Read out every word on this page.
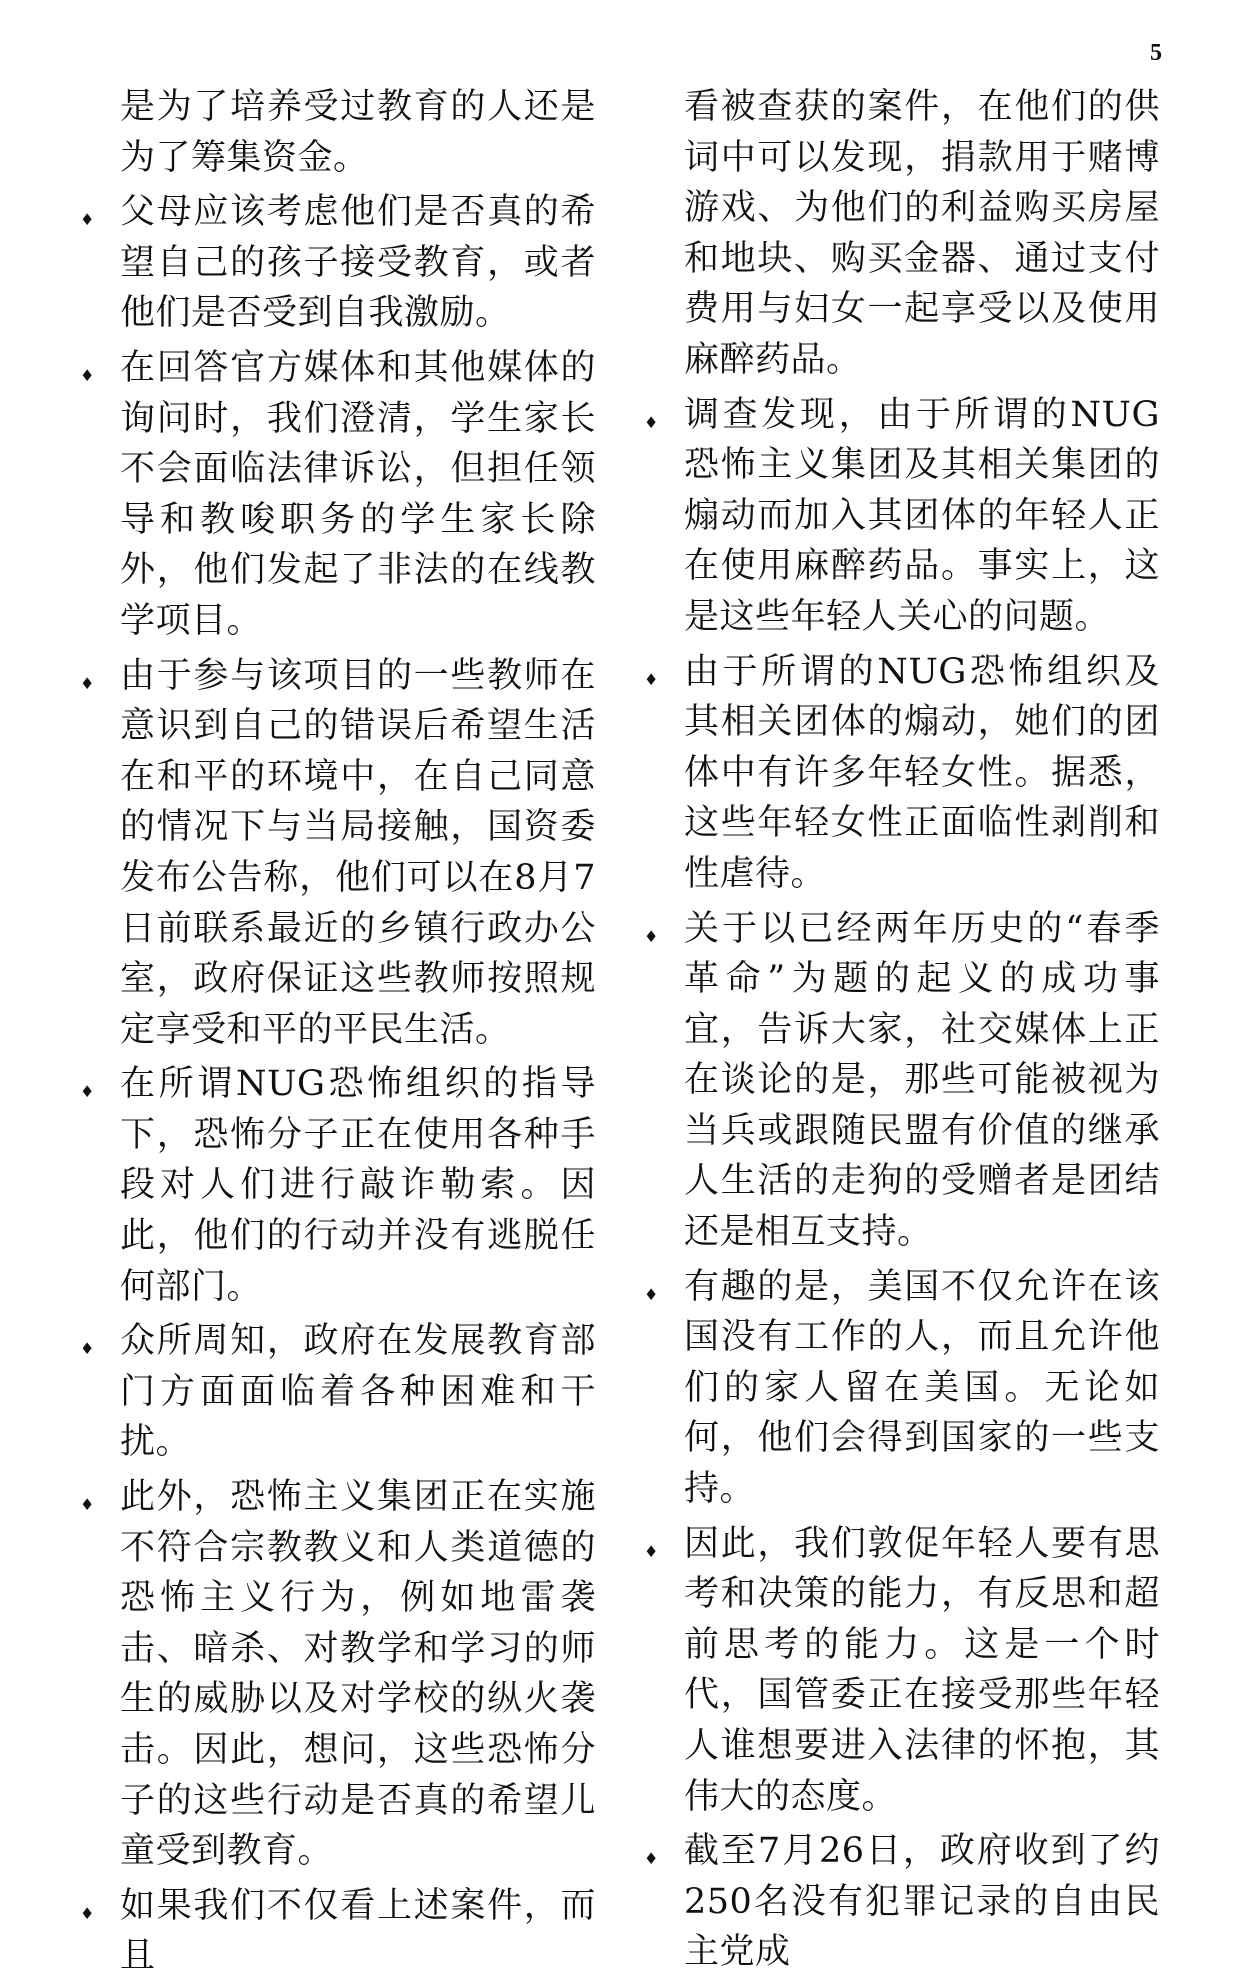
5

是为了培养受过教育的人还是为了筹集资金。

♦ 父母应该考虑他们是否真的希望自己的孩子接受教育，或者他们是否受到自我激励。

♦ 在回答官方媒体和其他媒体的询问时，我们澄清，学生家长不会面临法律诉讼，但担任领导和教唆职务的学生家长除外，他们发起了非法的在线教学项目。

♦ 由于参与该项目的一些教师在意识到自己的错误后希望生活在和平的环境中，在自己同意的情况下与当局接触，国资委发布公告称，他们可以在8月7日前联系最近的乡镇行政办公室，政府保证这些教师按照规定享受和平的平民生活。

♦ 在所谓NUG恐怖组织的指导下，恐怖分子正在使用各种手段对人们进行敲诈勒索。因此，他们的行动并没有逃脱任何部门。

♦ 众所周知，政府在发展教育部门方面面临着各种困难和干扰。

♦ 此外，恐怖主义集团正在实施不符合宗教教义和人类道德的恐怖主义行为，例如地雷袭击、暗杀、对教学和学习的师生的威胁以及对学校的纵火袭击。因此，想问，这些恐怖分子的这些行动是否真的希望儿童受到教育。

♦ 如果我们不仅看上述案件，而且

看被查获的案件，在他们的供词中可以发现，捐款用于赌博游戏、为他们的利益购买房屋和地块、购买金器、通过支付费用与妇女一起享受以及使用麻醉药品。

♦ 调查发现，由于所谓的NUG恐怖主义集团及其相关集团的煽动而加入其团体的年轻人正在使用麻醉药品。事实上，这是这些年轻人关心的问题。

♦ 由于所谓的NUG恐怖组织及其相关团体的煽动，她们的团体中有许多年轻女性。据悉，这些年轻女性正面临性剥削和性虐待。

♦ 关于以已经两年历史的“春季革命”为题的起义的成功事宜，告诉大家，社交媒体上正在谈论的是，那些可能被视为当兵或跟随民盟有价值的继承人生活的走狗的受赠者是团结还是相互支持。

♦ 有趣的是，美国不仅允许在该国没有工作的人，而且允许他们的家人留在美国。无论如何，他们会得到国家的一些支持。

♦ 因此，我们敦促年轻人要有思考和决策的能力，有反思和超前思考的能力。这是一个时代，国管委正在接受那些年轻人谁想要进入法律的怀抱，其伟大的态度。

♦ 截至7月26日，政府收到了约250名没有犯罪记录的自由民主党成
